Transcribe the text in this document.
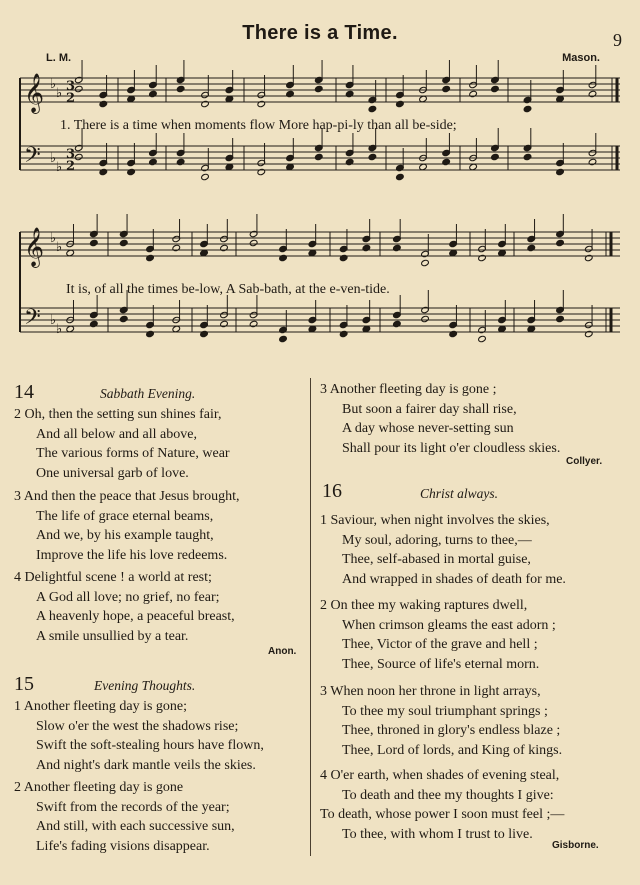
There is a Time.	9
L. M.	Mason.
𝄞
𝄢
♭
♭
♭
♭
3
2
3
2
𝄞
𝄢
♭
♭
♭
♭
1. There is a time when moments flow More hap-pi-ly than all be-side;
It is, of all the times be-low, A Sab-bath, at the e-ven-tide.
14	Sabbath Evening.
2 Oh, then the setting sun shines fair,
And all below and all above,
The various forms of Nature, wear
One universal garb of love.
3 And then the peace that Jesus brought,
The life of grace eternal beams,
And we, by his example taught,
Improve the life his love redeems.
4 Delightful scene ! a world at rest;
A God all love; no grief, no fear;
A heavenly hope, a peaceful breast,
A smile unsullied by a tear.
Anon.
15	Evening Thoughts.
1 Another fleeting day is gone;
Slow o'er the west the shadows rise;
Swift the soft-stealing hours have flown,
And night's dark mantle veils the skies.
2 Another fleeting day is gone
Swift from the records of the year;
And still, with each successive sun,
Life's fading visions disappear.
3 Another fleeting day is gone ;
But soon a fairer day shall rise,
A day whose never-setting sun
Shall pour its light o'er cloudless skies.
Collyer.
16	Christ always.
1 Saviour, when night involves the skies,
My soul, adoring, turns to thee,—
Thee, self-abased in mortal guise,
And wrapped in shades of death for me.
2 On thee my waking raptures dwell,
When crimson gleams the east adorn ;
Thee, Victor of the grave and hell ;
Thee, Source of life's eternal morn.
3 When noon her throne in light arrays,
To thee my soul triumphant springs ;
Thee, throned in glory's endless blaze ;
Thee, Lord of lords, and King of kings.
4 O'er earth, when shades of evening steal,
To death and thee my thoughts I give:
To death, whose power I soon must feel ;—
To thee, with whom I trust to live.
Gisborne.
